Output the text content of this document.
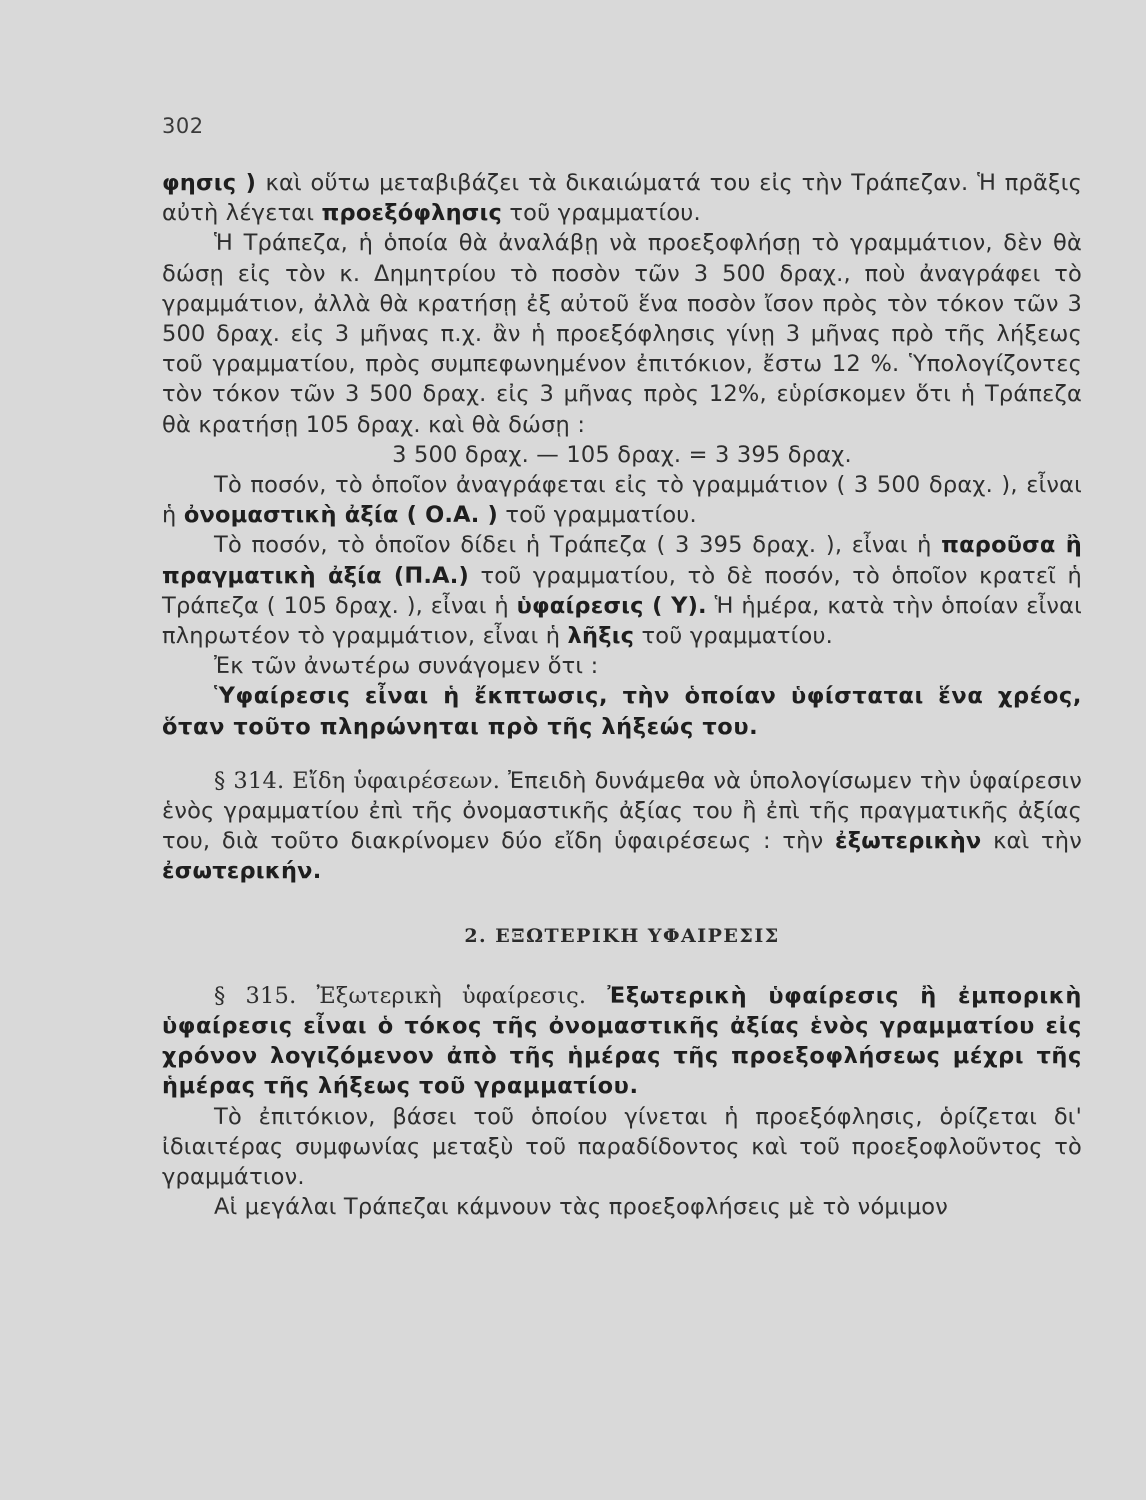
302

φησις ) καὶ οὕτω μεταβιβάζει τὰ δικαιώματά του εἰς τὴν Τράπεζαν. Ἡ πρᾶξις αὐτὴ λέγεται προεξόφλησις τοῦ γραμματίου.

Ἡ Τράπεζα, ἡ ὁποία θὰ ἀναλάβῃ νὰ προεξοφλήσῃ τὸ γραμμάτιον, δὲν θὰ δώσῃ εἰς τὸν κ. Δημητρίου τὸ ποσὸν τῶν 3 500 δραχ., ποὺ ἀναγράφει τὸ γραμμάτιον, ἀλλὰ θὰ κρατήσῃ ἐξ αὐτοῦ ἕνα ποσὸν ἴσον πρὸς τὸν τόκον τῶν 3 500 δραχ. εἰς 3 μῆνας π.χ. ἂν ἡ προεξόφλησις γίνῃ 3 μῆνας πρὸ τῆς λήξεως τοῦ γραμματίου, πρὸς συμπεφωνημένον ἐπιτόκιον, ἔστω 12 %. Ὑπολογίζοντες τὸν τόκον τῶν 3 500 δραχ. εἰς 3 μῆνας πρὸς 12%, εὑρίσκομεν ὅτι ἡ Τράπεζα θὰ κρατήσῃ 105 δραχ. καὶ θὰ δώσῃ :

3 500 δραχ. — 105 δραχ. = 3 395 δραχ.

Τὸ ποσόν, τὸ ὁποῖον ἀναγράφεται εἰς τὸ γραμμάτιον ( 3 500 δραχ. ), εἶναι ἡ ὀνομαστικὴ ἀξία ( Ο.Α. ) τοῦ γραμματίου.

Τὸ ποσόν, τὸ ὁποῖον δίδει ἡ Τράπεζα ( 3 395 δραχ. ), εἶναι ἡ παροῦσα ἢ πραγματικὴ ἀξία (Π.Α.) τοῦ γραμματίου, τὸ δὲ ποσόν, τὸ ὁποῖον κρατεῖ ἡ Τράπεζα ( 105 δραχ. ), εἶναι ἡ ὑφαίρεσις ( Υ). Ἡ ἡμέρα, κατὰ τὴν ὁποίαν εἶναι πληρωτέον τὸ γραμμάτιον, εἶναι ἡ λῆξις τοῦ γραμματίου.

Ἐκ τῶν ἀνωτέρω συνάγομεν ὅτι :

Ὑφαίρεσις εἶναι ἡ ἔκπτωσις, τὴν ὁποίαν ὑφίσταται ἕνα χρέος, ὅταν τοῦτο πληρώνηται πρὸ τῆς λήξεώς του.

§ 314. Εἴδη ὑφαιρέσεων. Ἐπειδὴ δυνάμεθα νὰ ὑπολογίσωμεν τὴν ὑφαίρεσιν ἑνὸς γραμματίου ἐπὶ τῆς ὀνομαστικῆς ἀξίας του ἢ ἐπὶ τῆς πραγματικῆς ἀξίας του, διὰ τοῦτο διακρίνομεν δύο εἴδη ὑφαιρέσεως : τὴν ἐξωτερικὴν καὶ τὴν ἐσωτερικήν.

2. ΕΞΩΤΕΡΙΚΗ ΥΦΑΙΡΕΣΙΣ

§ 315. Ἐξωτερικὴ ὑφαίρεσις. Ἐξωτερικὴ ὑφαίρεσις ἢ ἐμπορικὴ ὑφαίρεσις εἶναι ὁ τόκος τῆς ὀνομαστικῆς ἀξίας ἑνὸς γραμματίου εἰς χρόνον λογιζόμενον ἀπὸ τῆς ἡμέρας τῆς προεξοφλήσεως μέχρι τῆς ἡμέρας τῆς λήξεως τοῦ γραμματίου.

Τὸ ἐπιτόκιον, βάσει τοῦ ὁποίου γίνεται ἡ προεξόφλησις, ὁρίζεται δι' ἰδιαιτέρας συμφωνίας μεταξὺ τοῦ παραδίδοντος καὶ τοῦ προεξοφλοῦντος τὸ γραμμάτιον.

Αἱ μεγάλαι Τράπεζαι κάμνουν τὰς προεξοφλήσεις μὲ τὸ νόμιμον
